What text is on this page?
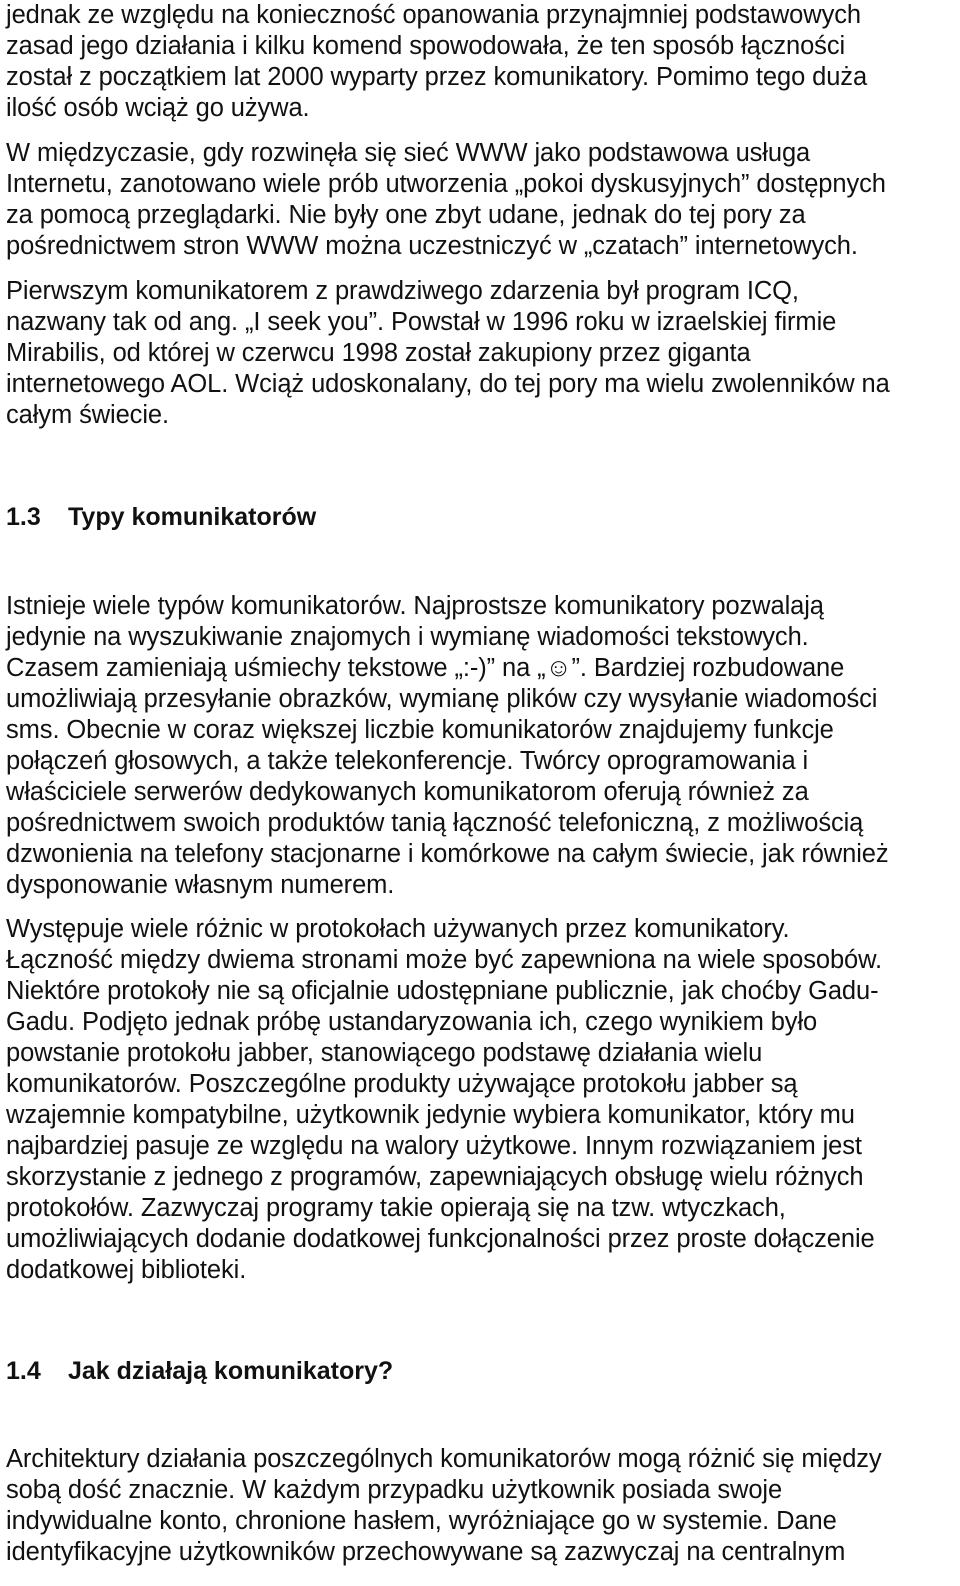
jednak ze względu na konieczność opanowania przynajmniej podstawowych
zasad jego działania i kilku komend spowodowała, że ten sposób łączności
został z początkiem lat 2000 wyparty przez komunikatory. Pomimo tego duża
ilość osób wciąż go używa.
W międzyczasie, gdy rozwinęła się sieć WWW jako podstawowa usługa
Internetu, zanotowano wiele prób utworzenia „pokoi dyskusyjnych” dostępnych
za pomocą przeglądarki. Nie były one zbyt udane, jednak do tej pory za
pośrednictwem stron WWW można uczestniczyć w „czatach” internetowych.
Pierwszym komunikatorem z prawdziwego zdarzenia był program ICQ,
nazwany tak od ang. „I seek you”. Powstał w 1996 roku w izraelskiej firmie
Mirabilis, od której w czerwcu 1998 został zakupiony przez giganta
internetowego AOL. Wciąż udoskonalany, do tej pory ma wielu zwolenników na
całym świecie.
1.3 Typy komunikatorów
Istnieje wiele typów komunikatorów. Najprostsze komunikatory pozwalają
jedynie na wyszukiwanie znajomych i wymianę wiadomości tekstowych.
Czasem zamieniają uśmiechy tekstowe „:-)” na „☺”. Bardziej rozbudowane
umożliwiają przesyłanie obrazków, wymianę plików czy wysyłanie wiadomości
sms. Obecnie w coraz większej liczbie komunikatorów znajdujemy funkcje
połączeń głosowych, a także telekonferencje. Twórcy oprogramowania i
właściciele serwerów dedykowanych komunikatorom oferują również za
pośrednictwem swoich produktów tanią łączność telefoniczną, z możliwością
dzwonienia na telefony stacjonarne i komórkowe na całym świecie, jak również
dysponowanie własnym numerem.
Występuje wiele różnic w protokołach używanych przez komunikatory.
Łączność między dwiema stronami może być zapewniona na wiele sposobów.
Niektóre protokoły nie są oficjalnie udostępniane publicznie, jak choćby Gadu-
Gadu. Podjęto jednak próbę ustandaryzowania ich, czego wynikiem było
powstanie protokołu jabber, stanowiącego podstawę działania wielu
komunikatorów. Poszczególne produkty używające protokołu jabber są
wzajemnie kompatybilne, użytkownik jedynie wybiera komunikator, który mu
najbardziej pasuje ze względu na walory użytkowe. Innym rozwiązaniem jest
skorzystanie z jednego z programów, zapewniających obsługę wielu różnych
protokołów. Zazwyczaj programy takie opierają się na tzw. wtyczkach,
umożliwiających dodanie dodatkowej funkcjonalności przez proste dołączenie
dodatkowej biblioteki.
1.4 Jak działają komunikatory?
Architektury działania poszczególnych komunikatorów mogą różnić się między
sobą dość znacznie. W każdym przypadku użytkownik posiada swoje
indywidualne konto, chronione hasłem, wyróżniające go w systemie. Dane
identyfikacyjne użytkowników przechowywane są zazwyczaj na centralnym
